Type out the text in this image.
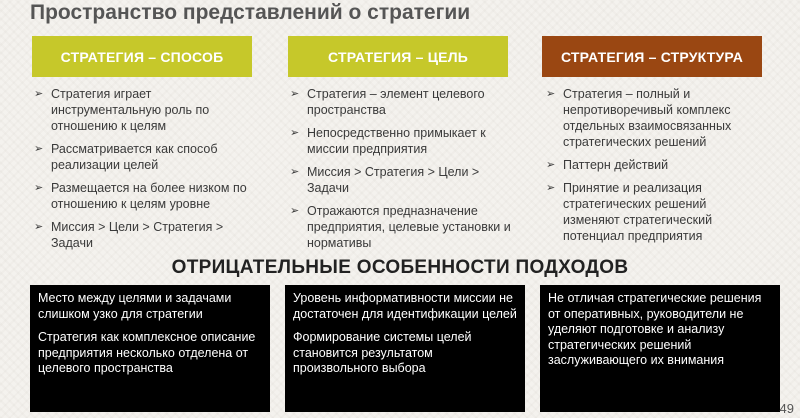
Пространство представлений о стратегии
СТРАТЕГИЯ – СПОСОБ	СТРАТЕГИЯ – ЦЕЛЬ	СТРАТЕГИЯ – СТРУКТУРА
➢ Стратегия играет инструментальную роль по отношению к целям
➢ Рассматривается как способ реализации целей
➢ Размещается на более низком по отношению к целям уровне
➢ Миссия > Цели > Стратегия > Задачи
➢ Стратегия – элемент целевого пространства
➢ Непосредственно примыкает к миссии предприятия
➢ Миссия > Стратегия > Цели > Задачи
➢ Отражаются предназначение предприятия, целевые установки и нормативы
➢ Стратегия – полный и непротиворечивый комплекс отдельных взаимосвязанных стратегических решений
➢ Паттерн действий
➢ Принятие и реализация стратегических решений изменяют стратегический потенциал предприятия
ОТРИЦАТЕЛЬНЫЕ ОСОБЕННОСТИ ПОДХОДОВ

Место между целями и задачами слишком узко для стратегии

Стратегия как комплексное описание предприятия несколько отделена от целевого пространства

Уровень информативности миссии не достаточен для идентификации целей

Формирование системы целей становится результатом произвольного выбора

Не отличая стратегические решения от оперативных, руководители не уделяют подготовке и анализу стратегических решений заслуживающего их внимания

49
